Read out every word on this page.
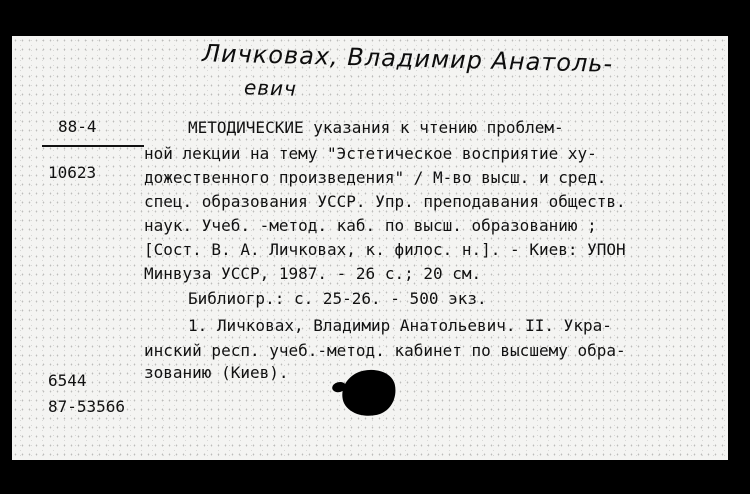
Личковах, Владимир Анатоль-
евич
88-4
10623
МЕТОДИЧЕСКИЕ указания к чтению проблем-
ной лекции на тему "Эстетическое восприятие ху-
дожественного произведения" / М-во высш. и сред.
спец. образования УССР. Упр. преподавания обществ.
наук. Учеб. -метод. каб. по высш. образованию ;
[Сост. В. А. Личковах, к. филос. н.]. - Киев: УПОН
Минвуза УССР, 1987. - 26 с.; 20 см.
Библиогр.: с. 25-26. - 500 экз.
1. Личковах, Владимир Анатольевич. II. Укра-
инский респ. учеб.-метод. кабинет по высшему обра-
зованию (Киев).
6544
87-53566
